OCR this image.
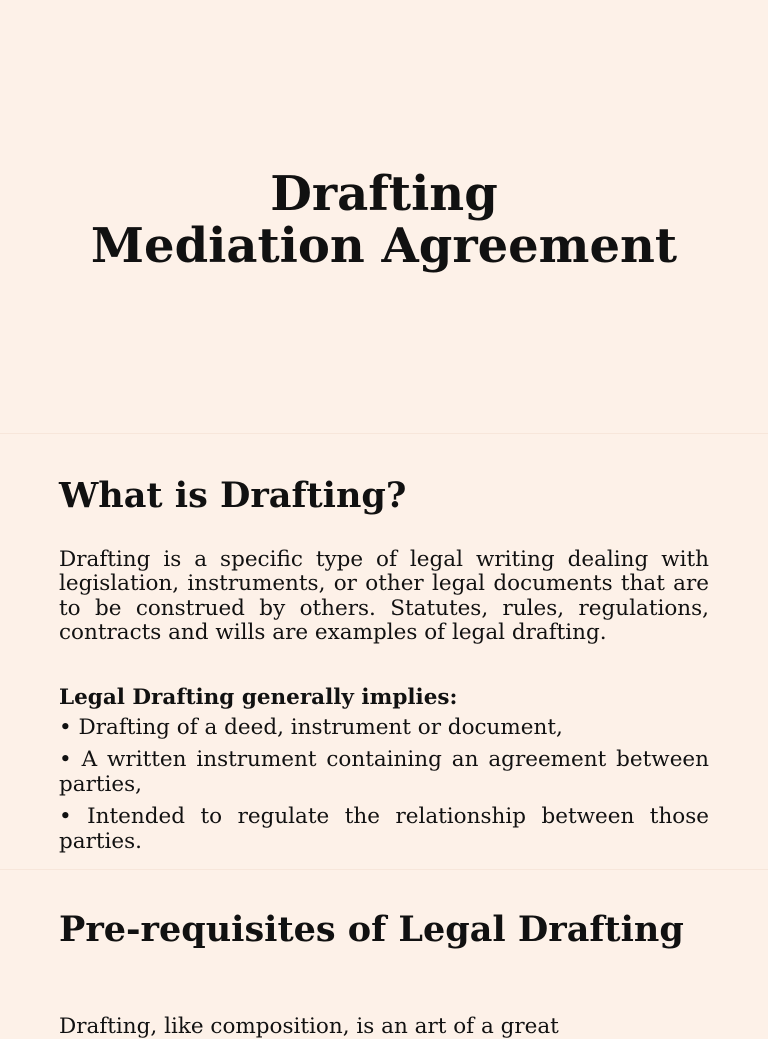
Drafting
Mediation Agreement
What is Drafting?

Drafting is a specific type of legal writing dealing with legislation, instruments, or other legal documents that are to be construed by others. Statutes, rules, regulations, contracts and wills are examples of legal drafting.

Legal Drafting generally implies:

• Drafting of a deed, instrument or document,

• A written instrument containing an agreement between parties,

• Intended to regulate the relationship between those parties.

Pre-requisites of Legal Drafting

Drafting, like composition, is an art of a great
